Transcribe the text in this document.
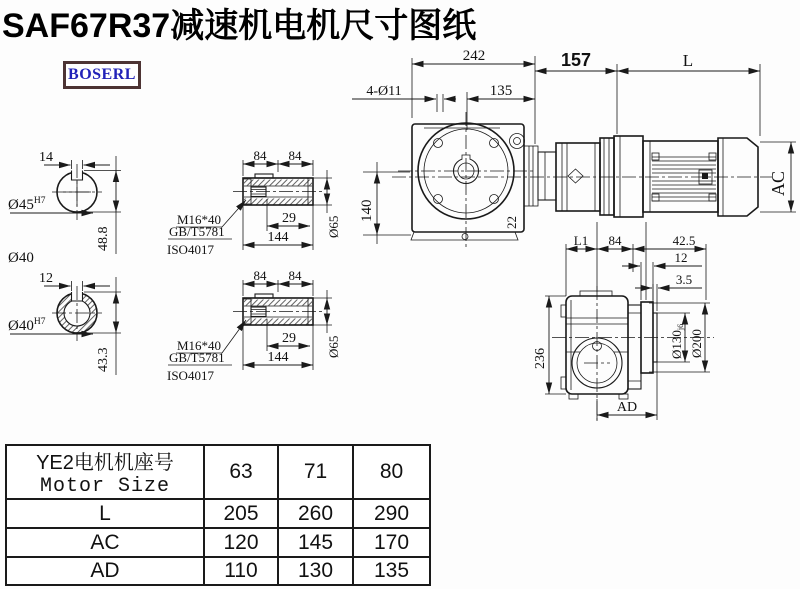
SAF67R37减速机电机尺寸图纸
BOSERL
14
48.8
$Ø45^{H7}$
Ø40
12
43.3
$Ø40^{H7}$
84 84
29
144	Ø65
M16*40
GB/T5781
ISO4017
84 84
29
144	Ø65
M16*40
GB/T5781
ISO4017
22
242
135
4-Ø11
140
157	L
AC
L1 84	42.5
12
3.5
Ø130j6
Ø200
236
AD
YE2电机机座号
Motor Size	63	71	80
L	205	260	290
AC	120	145	170
AD	110	130	135
